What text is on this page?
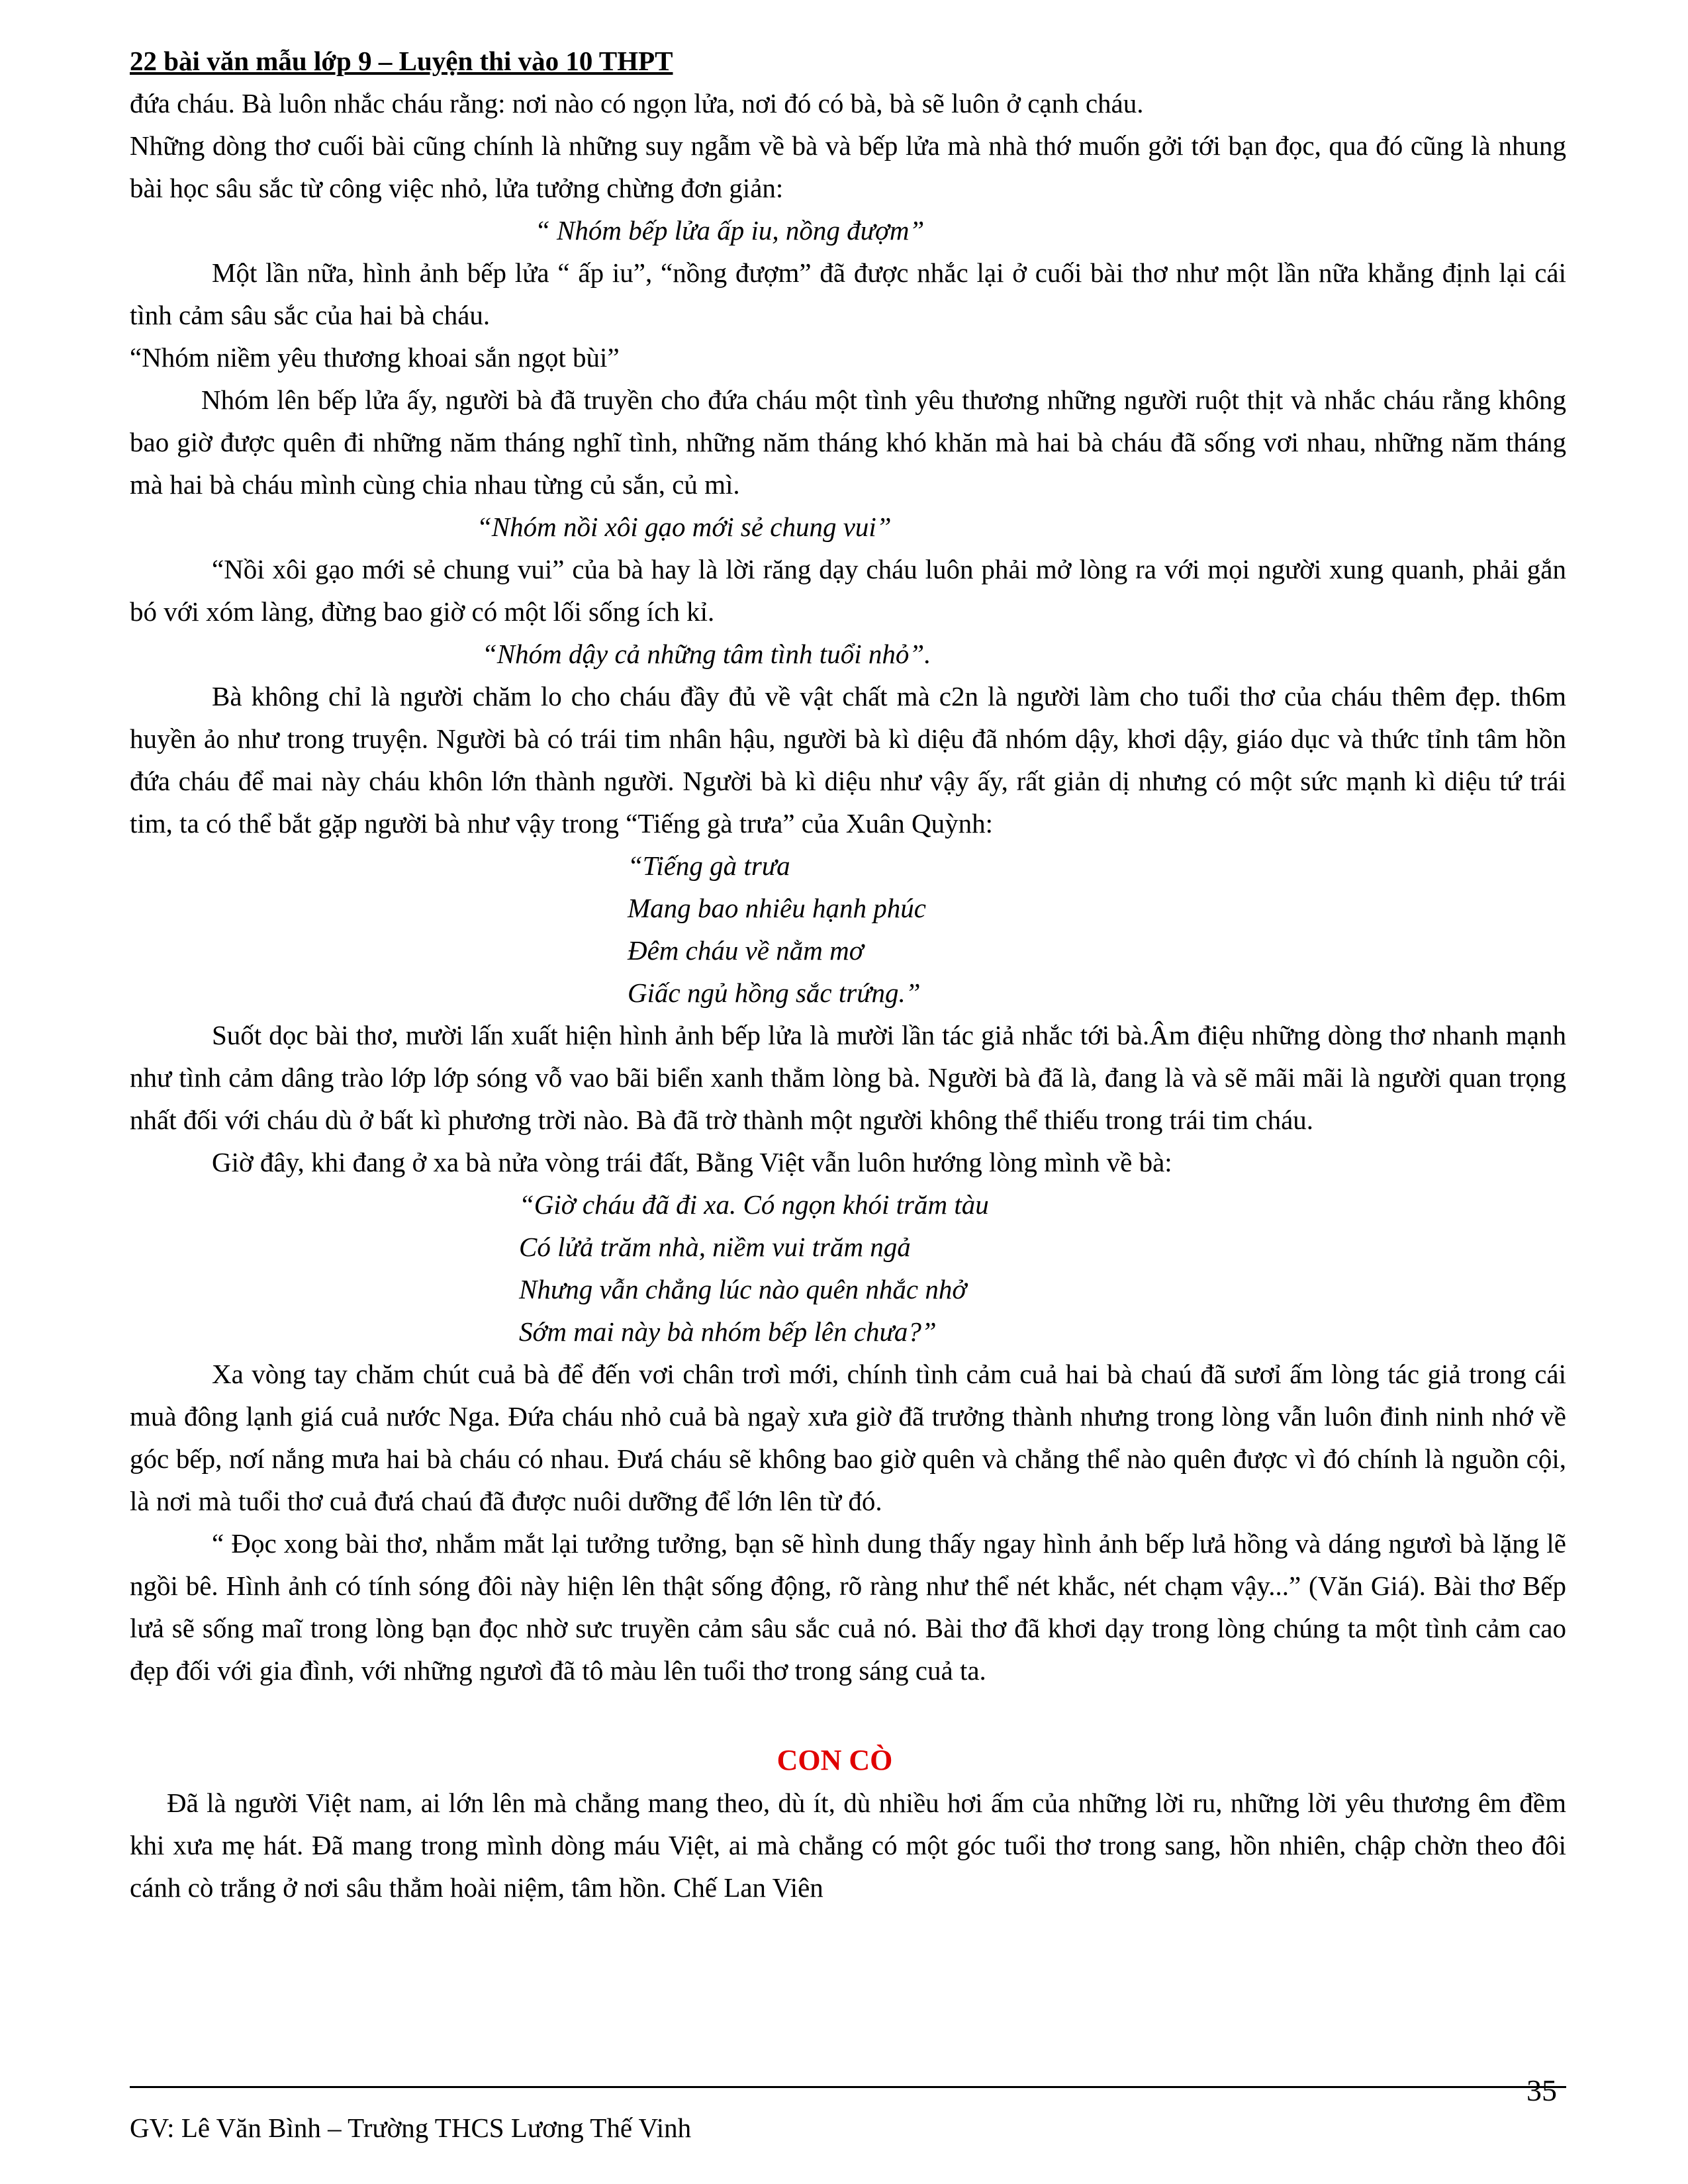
22 bài văn mẫu lớp 9 – Luyện thi vào 10 THPT

đứa cháu. Bà luôn nhắc cháu rằng: nơi nào có ngọn lửa, nơi đó có bà, bà sẽ luôn ở cạnh cháu.

Những dòng thơ cuối bài cũng chính là những suy ngẫm về bà và bếp lửa mà nhà thớ muốn gởi tới bạn đọc, qua đó cũng là nhung bài học sâu sắc từ công việc nhỏ, lửa tưởng chừng đơn giản:

“ Nhóm bếp lửa ấp iu, nồng đượm”

Một lần nữa, hình ảnh bếp lửa “ ấp iu”, “nồng đượm” đã được nhắc lại ở cuối bài thơ như một lần nữa khẳng định lại cái tình cảm sâu sắc của hai bà cháu.

“Nhóm niềm yêu thương khoai sắn ngọt bùi”

Nhóm lên bếp lửa ấy, người bà đã truyền cho đứa cháu một tình yêu thương những người ruột thịt và nhắc cháu rằng không bao giờ được quên đi những năm tháng nghĩ tình, những năm tháng khó khăn mà hai bà cháu đã sống vơi nhau, những năm tháng mà hai bà cháu mình cùng chia nhau từng củ sắn, củ mì.

“Nhóm nồi xôi gạo mới sẻ chung vui”

“Nồi xôi gạo mới sẻ chung vui” của bà hay là lời răng dạy cháu luôn phải mở lòng ra với mọi người xung quanh, phải gắn bó với xóm làng, đừng bao giờ có một lối sống ích kỉ.

“Nhóm dậy cả những tâm tình tuổi nhỏ”.

Bà không chỉ là người chăm lo cho cháu đầy đủ về vật chất mà c2n là người làm cho tuổi thơ của cháu thêm đẹp. th6m huyền ảo như trong truyện. Người bà có trái tim nhân hậu, người bà kì diệu đã nhóm dậy, khơi dậy, giáo dục và thức tỉnh tâm hồn đứa cháu để mai này cháu khôn lớn thành người. Người bà kì diệu như vậy ấy, rất giản dị nhưng có một sức mạnh kì diệu tứ trái tim, ta có thể bắt gặp người bà như vậy trong “Tiếng gà trưa” của Xuân Quỳnh:

“Tiếng gà trưa

Mang bao nhiêu hạnh phúc

Đêm cháu về nằm mơ

Giấc ngủ hồng sắc trứng.”

Suốt dọc bài thơ, mười lấn xuất hiện hình ảnh bếp lửa là mười lần tác giả nhắc tới bà.Âm điệu những dòng thơ nhanh mạnh như tình cảm dâng trào lớp lớp sóng vỗ vao bãi biển xanh thẳm lòng bà. Người bà đã là, đang là và sẽ mãi mãi là người quan trọng nhất đối với cháu dù ở bất kì phương trời nào. Bà đã trờ thành một người không thể thiếu trong trái tim cháu.

Giờ đây, khi đang ở xa bà nửa vòng trái đất, Bằng Việt vẫn luôn hướng lòng mình về bà:

“Giờ cháu đã đi xa. Có ngọn khói trăm tàu

Có lửả trăm nhà, niềm vui trăm ngả

Nhưng vẫn chẳng lúc nào quên nhắc nhở

Sớm mai này bà nhóm bếp lên chưa?”

Xa vòng tay chăm chút cuả bà để đến vơi chân trơì mới, chính tình cảm cuả hai bà chaú đã sươỉ ấm lòng tác giả trong cái muà đông lạnh giá cuả nước Nga. Đứa cháu nhỏ cuả bà ngaỳ xưa giờ đã trưởng thành nhưng trong lòng vẫn luôn đinh ninh nhớ về góc bếp, nơí nắng mưa hai bà cháu có nhau. Đưá cháu sẽ không bao giờ quên và chẳng thể nào quên được vì đó chính là nguồn cội, là nơi mà tuổi thơ cuả đưá chaú đã được nuôi dưỡng để lớn lên từ đó.

“ Đọc xong bài thơ, nhắm mắt lại tưởng tưởng, bạn sẽ hình dung thấy ngay hình ảnh bếp lưả hồng và dáng ngươì bà lặng lẽ ngồi bê. Hình ảnh có tính sóng đôi này hiện lên thật sống động, rõ ràng như thể nét khắc, nét chạm vậy...” (Văn Giá). Bài thơ Bếp lưả sẽ sống maĩ trong lòng bạn đọc nhờ sưc truyền cảm sâu sắc cuả nó. Bài thơ đã khơi dạy trong lòng chúng ta một tình cảm cao đẹp đối với gia đình, với những ngươì đã tô màu lên tuổi thơ trong sáng cuả ta.

CON CÒ

Đã là người Việt nam, ai lớn lên mà chẳng mang theo, dù ít, dù nhiều hơi ấm của những lời ru, những lời yêu thương êm đềm khi xưa mẹ hát. Đã mang trong mình dòng máu Việt, ai mà chẳng có một góc tuổi thơ trong sang, hồn nhiên, chập chờn theo đôi cánh cò trắng ở nơi sâu thẳm hoài niệm, tâm hồn. Chế Lan Viên

35
GV: Lê Văn Bình – Trường THCS Lương Thế Vinh
